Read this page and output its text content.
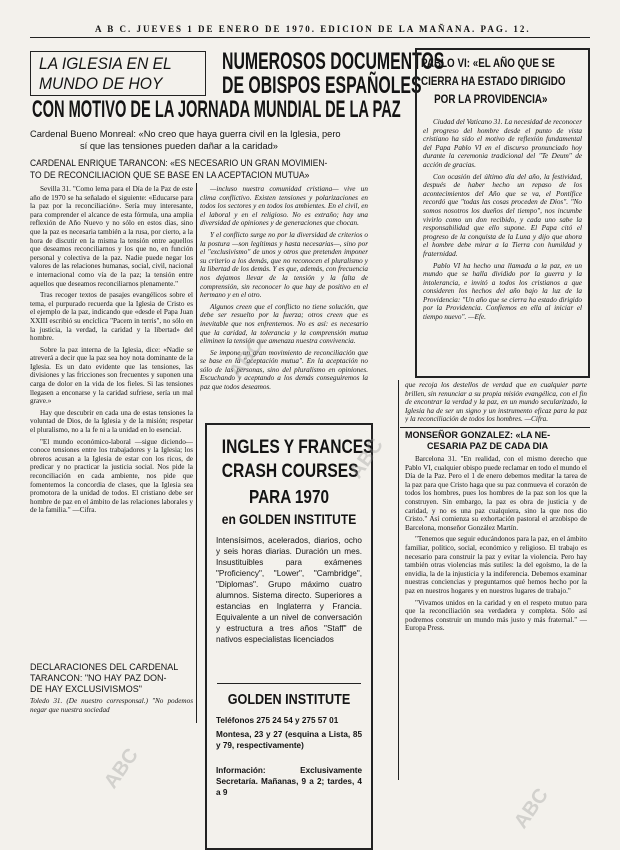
A B C. JUEVES 1 DE ENERO DE 1970. EDICION DE LA MAÑANA. PAG. 12.
LA IGLESIA EN EL
MUNDO DE HOY
NUMEROSOS DOCUMENTOS
DE OBISPOS ESPAÑOLES
CON MOTIVO DE LA JORNADA MUNDIAL DE LA PAZ
Cardenal Bueno Monreal: «No creo que haya guerra civil en la Iglesia, pero
sí que las tensiones pueden dañar a la caridad»
CARDENAL ENRIQUE TARANCON: «ES NECESARIO UN GRAN MOVIMIEN-
TO DE RECONCILIACION QUE SE BASE EN LA ACEPTACION MUTUA»

Sevilla 31. "Como lema para el Día de la Paz de este año de 1970 se ha señalado el siguiente: «Educarse para la paz por la reconciliación». Sería muy interesante, para comprender el alcance de esta fórmula, una amplia reflexión de Año Nuevo y no sólo en estos días, sino que la paz es necesaria también a la rusa, por cierto, a la hora de discutir en la misma la tensión entre aquellos que deseamos reconciliarnos y los que no, en función personal y colectiva de la paz. Nadie puede negar los valores de las relaciones humanas, social, civil, nacional e internacional como vía de la paz; la tensión entre aquellos que deseamos reconciliarnos plenamente."

Tras recoger textos de pasajes evangélicos sobre el tema, el purpurado recuerda que la Iglesia de Cristo es el ejemplo de la paz, indicando que «desde el Papa Juan XXIII escribió su encíclica "Pacem in terris", no sólo en la justicia, la verdad, la caridad y la libertad» del hombre.

Sobre la paz interna de la Iglesia, dice: «Nadie se atreverá a decir que la paz sea hoy nota dominante de la Iglesia. Es un dato evidente que las tensiones, las divisiones y las fricciones son frecuentes y suponen una carga de dolor en la vida de los fieles. Si las tensiones llegasen a enconarse y la caridad sufriese, sería un mal grave.»

Hay que descubrir en cada una de estas tensiones la voluntad de Dios, de la Iglesia y de la misión; respetar el pluralismo, no a la fe ni a la unidad en lo esencial.

"El mundo económico-laboral —sigue diciendo— conoce tensiones entre los trabajadores y la Iglesia; los obreros acusan a la Iglesia de estar con los ricos, de predicar y no practicar la justicia social. Nos pide la reconciliación en cada ambiente, nos pide que fomentemos la concordia de clases, que la Iglesia sea promotora de la unidad de todos. El cristiano debe ser hombre de paz en el ámbito de las relaciones laborales y de la familia." —Cifra.

DECLARACIONES DEL CARDENAL
TARANCON: "NO HAY PAZ DON-
DE HAY EXCLUSIVISMOS"
Toledo 31. (De nuestro corresponsal.) "No podemos negar que nuestra sociedad

—incluso nuestra comunidad cristiana— vive un clima conflictivo. Existen tensiones y polarizaciones en todos los sectores y en todos los ambientes. En el civil, en el laboral y en el religioso. No es extraño; hay una diversidad de opiniones y de generaciones que chocan.

Y el conflicto surge no por la diversidad de criterios o la postura —son legítimas y hasta necesarias—, sino por el "exclusivismo" de unos y otros que pretenden imponer su criterio a los demás, que no reconocen el pluralismo y la libertad de los demás. Y es que, además, con frecuencia nos dejamos llevar de la tensión y la falta de comprensión, sin reconocer lo que hay de positivo en el hermano y en el otro.

Algunos creen que el conflicto no tiene solución, que debe ser resuelto por la fuerza; otros creen que es inevitable que nos enfrentemos. No es así: es necesario que la caridad, la tolerancia y la comprensión mutua eliminen la tensión que amenaza nuestra convivencia.

Se impone un gran movimiento de reconciliación que se base en la "aceptación mutua". En la aceptación no sólo de las personas, sino del pluralismo en opiniones. Escuchando y aceptando a los demás conseguiremos la paz que todos deseamos.

INGLES Y FRANCES
CRASH COURSES
PARA 1970
en GOLDEN INSTITUTE
Intensísimos, acelerados, diarios, ocho y seis horas diarias. Duración un mes. Insustituibles para exámenes "Proficiency", "Lower", "Cambridge", "Diplomas". Grupo máximo cuatro alumnos. Sistema directo. Superiores a estancias en Inglaterra y Francia. Equivalente a un nivel de conversación y estructura a tres años "Staff" de nativos especialistas licenciados
GOLDEN INSTITUTE
Teléfonos 275 24 54 y 275 57 01
Montesa, 23 y 27 (esquina a Lista, 85 y 79, respectivamente)
Información: Exclusivamente Secretaría. Mañanas, 9 a 2; tardes, 4 a 9
PABLO VI: «EL AÑO QUE SE
CIERRA HA ESTADO DIRIGIDO
POR LA PROVIDENCIA»

Ciudad del Vaticano 31. La necesidad de reconocer el progreso del hombre desde el punto de vista cristiano ha sido el motivo de reflexión fundamental del Papa Pablo VI en el discurso pronunciado hoy durante la ceremonia tradicional del "Te Deum" de acción de gracias.

Con ocasión del último día del año, la festividad, después de haber hecho un repaso de los acontecimientos del Año que se va, el Pontífice recordó que "todas las cosas proceden de Dios". "No somos nosotros los dueños del tiempo", nos incumbe vivirlo como un don recibido, y cada uno sabe la responsabilidad que ello supone. El Papa citó el progreso de la conquista de la Luna y dijo que ahora el hombre debe mirar a la Tierra con humildad y fraternidad.

Pablo VI ha hecho una llamada a la paz, en un mundo que se halla dividido por la guerra y la intolerancia, e invitó a todos los cristianos a que consideren los hechos del año bajo la luz de la Providencia: "Un año que se cierra ha estado dirigido por la Providencia. Confiemos en ella al iniciar el tiempo nuevo". —Efe.

que recoja los destellos de verdad que en cualquier parte brillen, sin renunciar a su propia misión evangélica, con el fin de encontrar la verdad y la paz, en un mundo secularizado, la Iglesia ha de ser un signo y un instrumento eficaz para la paz y la reconciliación de todos los hombres. —Cifra.
MONSEÑOR GONZALEZ: «LA NE-
CESARIA PAZ DE CADA DIA

Barcelona 31. "En realidad, con el mismo derecho que Pablo VI, cualquier obispo puede reclamar en todo el mundo el Día de la Paz. Pero el 1 de enero debemos meditar la tarea de la paz para que Cristo haga que su paz conmueva el corazón de todos los hombres, pues los hombres de la paz son los que la construyen. Sin embargo, la paz es obra de justicia y de caridad, y no es una paz cualquiera, sino la que nos dio Cristo." Así comienza su exhortación pastoral el arzobispo de Barcelona, monseñor González Martín.

"Tenemos que seguir educándonos para la paz, en el ámbito familiar, político, social, económico y religioso. El trabajo es necesario para construir la paz y evitar la violencia. Pero hay también otras violencias más sutiles: la del egoísmo, la de la envidia, la de la injusticia y la indiferencia. Debemos examinar nuestras conciencias y preguntarnos qué hemos hecho por la paz en nuestros hogares y en nuestros lugares de trabajo."

"Vivamos unidos en la caridad y en el respeto mutuo para que la reconciliación sea verdadera y completa. Sólo así podremos construir un mundo más justo y más fraternal." —Europa Press.

ABC
ABC
ABC
ABC
